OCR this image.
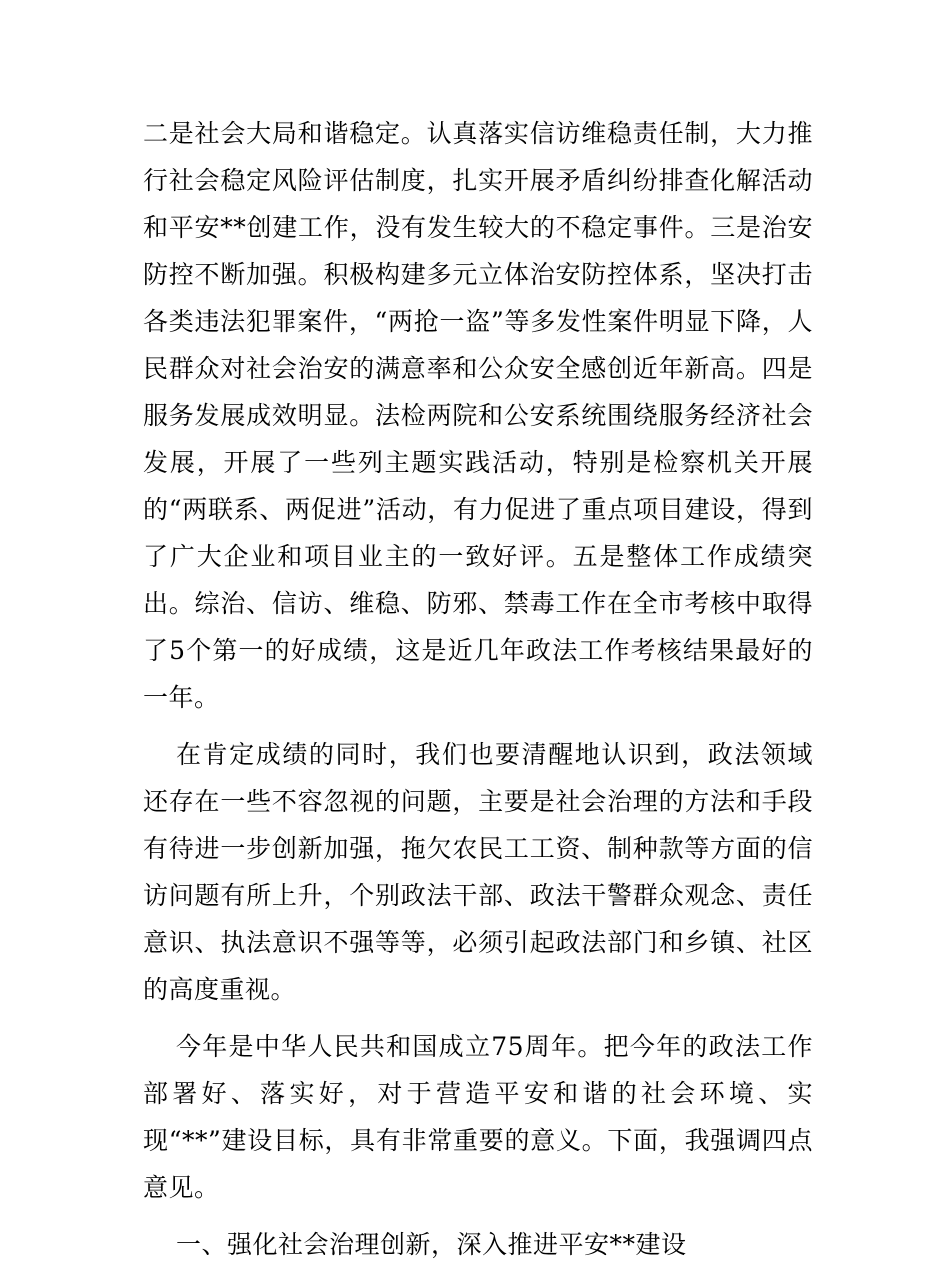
二是社会大局和谐稳定。认真落实信访维稳责任制，大力推行社会稳定风险评估制度，扎实开展矛盾纠纷排查化解活动和平安**创建工作，没有发生较大的不稳定事件。三是治安防控不断加强。积极构建多元立体治安防控体系，坚决打击各类违法犯罪案件，“两抢一盗”等多发性案件明显下降，人民群众对社会治安的满意率和公众安全感创近年新高。四是服务发展成效明显。法检两院和公安系统围绕服务经济社会发展，开展了一些列主题实践活动，特别是检察机关开展的“两联系、两促进”活动，有力促进了重点项目建设，得到了广大企业和项目业主的一致好评。五是整体工作成绩突出。综治、信访、维稳、防邪、禁毒工作在全市考核中取得了5个第一的好成绩，这是近几年政法工作考核结果最好的一年。

在肯定成绩的同时，我们也要清醒地认识到，政法领域还存在一些不容忽视的问题，主要是社会治理的方法和手段有待进一步创新加强，拖欠农民工工资、制种款等方面的信访问题有所上升，个别政法干部、政法干警群众观念、责任意识、执法意识不强等等，必须引起政法部门和乡镇、社区的高度重视。

今年是中华人民共和国成立75周年。把今年的政法工作部署好、落实好，对于营造平安和谐的社会环境、实现“**”建设目标，具有非常重要的意义。下面，我强调四点意见。

一、强化社会治理创新，深入推进平安**建设
